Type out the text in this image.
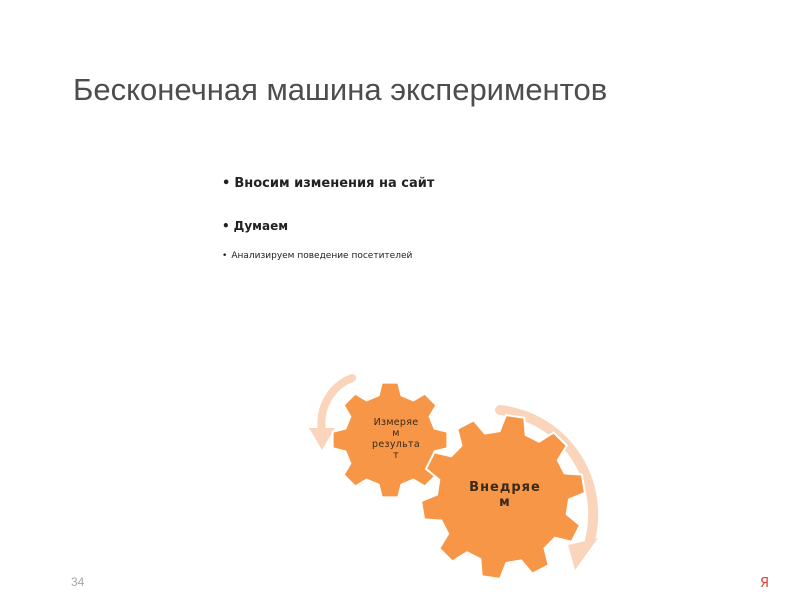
Бесконечная машина экспериментов
• Вносим изменения на сайт
• Думаем
• Анализируем поведение посетителей
Измеряе
м
результа
т
Внедряе
м
34	Я
